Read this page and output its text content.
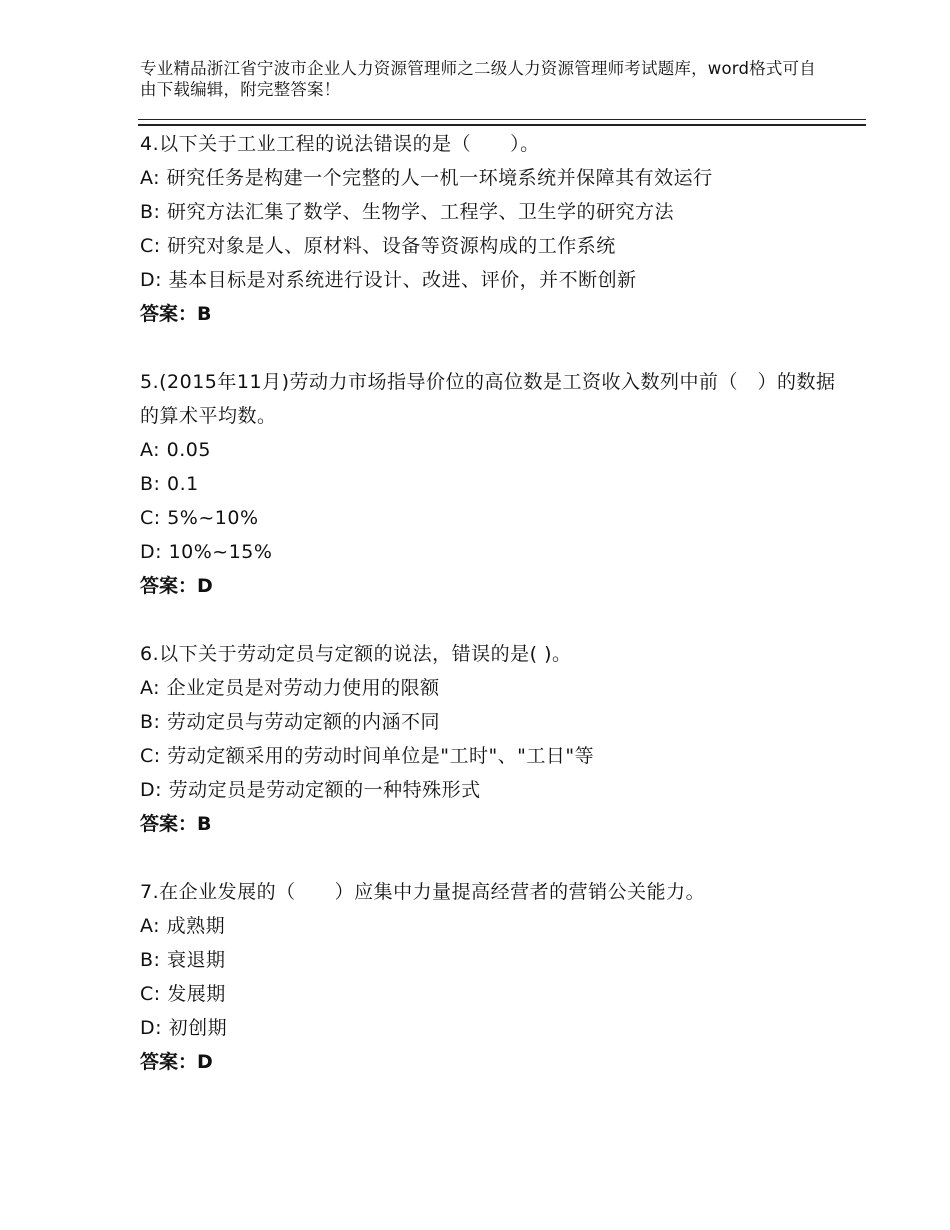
专业精品浙江省宁波市企业人力资源管理师之二级人力资源管理师考试题库，word格式可自由下载编辑，附完整答案！
4.以下关于工业工程的说法错误的是（　　）。
A: 研究任务是构建一个完整的人一机一环境系统并保障其有效运行
B: 研究方法汇集了数学、生物学、工程学、卫生学的研究方法
C: 研究对象是人、原材料、设备等资源构成的工作系统
D: 基本目标是对系统进行设计、改进、评价，并不断创新
答案：B
5.(2015年11月)劳动力市场指导价位的高位数是工资收入数列中前（　）的数据的算术平均数。
A: 0.05
B: 0.1
C: 5%~10%
D: 10%~15%
答案：D
6.以下关于劳动定员与定额的说法，错误的是( )。
A: 企业定员是对劳动力使用的限额
B: 劳动定员与劳动定额的内涵不同
C: 劳动定额采用的劳动时间单位是"工时"、"工日"等
D: 劳动定员是劳动定额的一种特殊形式
答案：B
7.在企业发展的（　　）应集中力量提高经营者的营销公关能力。
A: 成熟期
B: 衰退期
C: 发展期
D: 初创期
答案：D
